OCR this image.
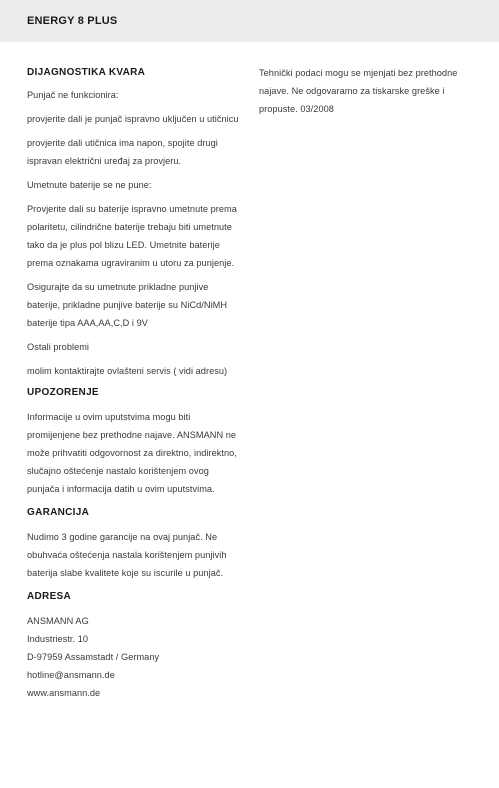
ENERGY 8 PLUS

DIJAGNOSTIKA KVARA

Punjač ne funkcionira:

provjerite dali je punjač ispravno uključen u utičnicu

provjerite dali utičnica ima napon, spojite drugi
ispravan električni uređaj za provjeru.

Umetnute baterije se ne pune:

Provjerite dali su baterije ispravno umetnute prema
polaritetu, cilindrične baterije trebaju biti umetnute
tako da je plus pol blizu LED. Umetnite baterije
prema oznakama ugraviranim u utoru za punjenje.

Osigurajte da su umetnute prikladne punjive
baterije, prikladne punjive baterije su NiCd/NiMH
baterije tipa AAA,AA,C,D i 9V

Ostali problemi

molim kontaktirajte ovlašteni servis ( vidi adresu)

UPOZORENJE

Informacije u ovim uputstvima mogu biti
promijenjene bez prethodne najave. ANSMANN ne
može prihvatiti odgovornost za direktno, indirektno,
slučajno oštećenje nastalo korištenjem ovog
punjača i informacija datih u ovim uputstvima.

GARANCIJA

Nudimo 3 godine garancije na ovaj punjač. Ne
obuhvaća oštećenja nastala korištenjem punjivih
baterija slabe kvalitete koje su iscurile u punjač.

ADRESA

ANSMANN AG
Industriestr. 10
D-97959 Assamstadt / Germany
hotline@ansmann.de
www.ansmann.de

Tehnički podaci mogu se mjenjati bez prethodne
najave. Ne odgovaramo za tiskarske greške i
propuste. 03/2008
